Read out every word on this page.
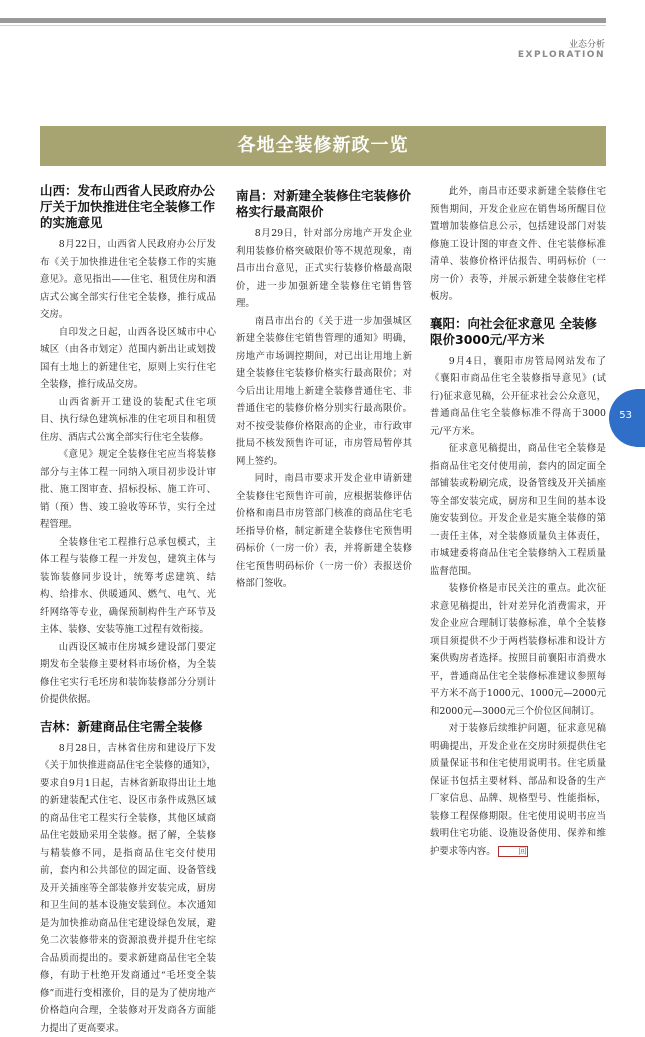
业态分析
EXPLORATION
各地全装修新政一览
山西：发布山西省人民政府办公厅关于加快推进住宅全装修工作的实施意见

8月22日，山西省人民政府办公厅发布《关于加快推进住宅全装修工作的实施意见》。意见指出——住宅、租赁住房和酒店式公寓全部实行住宅全装修，推行成品交房。

自印发之日起，山西各设区城市中心城区（由各市划定）范围内新出让或划拨国有土地上的新建住宅，原则上实行住宅全装修，推行成品交房。

山西省新开工建设的装配式住宅项目、执行绿色建筑标准的住宅项目和租赁住房、酒店式公寓全部实行住宅全装修。

《意见》规定全装修住宅应当将装修部分与主体工程一同纳入项目初步设计审批、施工图审查、招标投标、施工许可、销（预）售、竣工验收等环节，实行全过程管理。

全装修住宅工程推行总承包模式，主体工程与装修工程一并发包，建筑主体与装饰装修同步设计，统筹考虑建筑、结构、给排水、供暖通风、燃气、电气、光纤网络等专业，确保预制构件生产环节及主体、装修、安装等施工过程有效衔接。

山西设区城市住房城乡建设部门要定期发布全装修主要材料市场价格，为全装修住宅实行毛坯房和装饰装修部分分别计价提供依据。

吉林：新建商品住宅需全装修

8月28日，吉林省住房和建设厅下发《关于加快推进商品住宅全装修的通知》，要求自9月1日起，吉林省新取得出让土地的新建装配式住宅、设区市条件成熟区域的商品住宅工程实行全装修，其他区域商品住宅鼓励采用全装修。据了解，全装修与精装修不同，是指商品住宅交付使用前，套内和公共部位的固定面、设备管线及开关插座等全部装修并安装完成，厨房和卫生间的基本设施安装到位。本次通知是为加快推动商品住宅建设绿色发展，避免二次装修带来的资源浪费并提升住宅综合品质而提出的。要求新建商品住宅全装修，有助于杜绝开发商通过“毛坯变全装修”而进行变相涨价，目的是为了使房地产价格趋向合理，全装修对开发商各方面能力提出了更高要求。

南昌：对新建全装修住宅装修价格实行最高限价

8月29日，针对部分房地产开发企业利用装修价格突破限价等不规范现象，南昌市出台意见，正式实行装修价格最高限价，进一步加强新建全装修住宅销售管理。

南昌市出台的《关于进一步加强城区新建全装修住宅销售管理的通知》明确，房地产市场调控期间，对已出让用地上新建全装修住宅装修价格实行最高限价；对今后出让用地上新建全装修普通住宅、非普通住宅的装修价格分别实行最高限价。对不按受装修价格限高的企业，市行政审批局不核发预售许可证，市房管局暂停其网上签约。

同时，南昌市要求开发企业申请新建全装修住宅预售许可前，应根据装修评估价格和南昌市房管部门核准的商品住宅毛坯指导价格，制定新建全装修住宅预售明码标价（一房一价）表，并将新建全装修住宅预售明码标价（一房一价）表报送价格部门签收。

此外，南昌市还要求新建全装修住宅预售期间，开发企业应在销售场所醒目位置增加装修信息公示，包括建设部门对装修施工设计图的审查文件、住宅装修标准清单、装修价格评估报告、明码标价（一房一价）表等，并展示新建全装修住宅样板房。

襄阳：向社会征求意见 全装修限价3000元/平方米

9月4日，襄阳市房管局网站发布了《襄阳市商品住宅全装修指导意见》(试行)征求意见稿，公开征求社会公众意见，普通商品住宅全装修标准不得高于3000元/平方米。

征求意见稿提出，商品住宅全装修是指商品住宅交付使用前，套内的固定面全部铺装或粉刷完成，设备管线及开关插座等全部安装完成，厨房和卫生间的基本设施安装到位。开发企业是实施全装修的第一责任主体，对全装修质量负主体责任，市城建委将商品住宅全装修纳入工程质量监督范围。

装修价格是市民关注的重点。此次征求意见稿提出，针对差异化消费需求，开发企业应合理制订装修标准，单个全装修项目须提供不少于两档装修标准和设计方案供购房者选择。按照目前襄阳市消费水平，普通商品住宅全装修标准建议参照每平方米不高于1000元、1000元—2000元和2000元—3000元三个价位区间制订。

对于装修后续维护问题，征求意见稿明确提出，开发企业在交房时须提供住宅质量保证书和住宅使用说明书。住宅质量保证书包括主要材料、部品和设备的生产厂家信息、品牌、规格型号、性能指标，装修工程保修期限。住宅使用说明书应当载明住宅功能、设施设备使用、保养和维护要求等内容。	回

53
